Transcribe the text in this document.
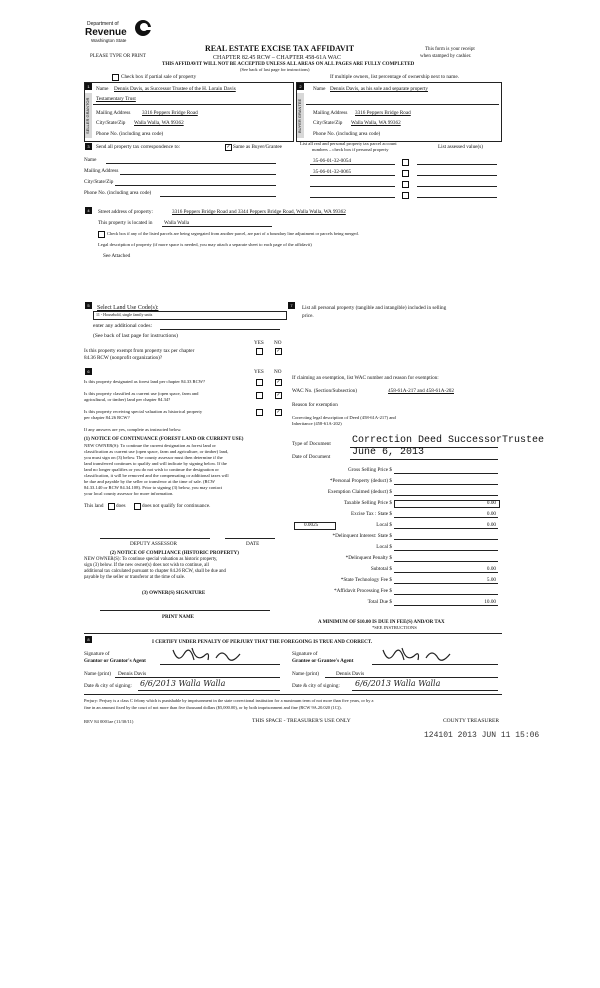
Department of
Revenue
Washington State
REAL ESTATE EXCISE TAX AFFIDAVIT
CHAPTER 82.45 RCW – CHAPTER 458-61A WAC
THIS AFFIDAVIT WILL NOT BE ACCEPTED UNLESS ALL AREAS ON ALL PAGES ARE FULLY COMPLETED
(See back of last page for instructions)
This form is your receipt
when stamped by cashier.
PLEASE TYPE OR PRINT
Check box if partial sale of property	If multiple owners, list percentage of ownership next to name.
1
SELLER GRANTOR
Name Dennis Davis, as Successor Trustee of the H. Lorain Davis
Testamentary Trust
Mailing Address 3316 Peppers Bridge Road
City/State/Zip Walla Walla, WA 99362
Phone No. (including area code)
2
BUYER GRANTEE
Name Dennis Davis, as his sole and separate property
Mailing Address 3316 Peppers Bridge Road
City/State/Zip Walla Walla, WA 99362
Phone No. (including area code)
3	Send all property tax correspondence to:	✓ Same as Buyer/Grantee
Name
Mailing Address
City/State/Zip
Phone No. (including area code)
List all real and personal property tax parcel account
numbers – check box if personal property	List assessed value(s)
35-06-01-32-0054
35-06-01-32-0065
4	Street address of property:	3316 Peppers Bridge Road and 3344 Peppers Bridge Road, Walla Walla, WA 99362
This property is located in Walla Walla
Check box if any of the listed parcels are being segregated from another parcel, are part of a boundary line adjustment or parcels being merged.
Legal description of property (if more space is needed, you may attach a separate sheet to each page of the affidavit)
See Attached
5	Select Land Use Code(s):
11 - Household, single family units
enter any additional codes:
(See back of last page for instructions)
YES NO
Is this property exempt from property tax per chapter
84.36 RCW (nonprofit organization)?
✓
6	YES NO
Is this property designated as forest land per chapter 84.33 RCW?	✓
Is this property classified as current use (open space, farm and
agricultural, or timber) land per chapter 84.34?
✓
Is this property receiving special valuation as historical property
per chapter 84.26 RCW?
✓
If any answers are yes, complete as instructed below.
(1) NOTICE OF CONTINUANCE (FOREST LAND OR CURRENT USE)
NEW OWNER(S): To continue the current designation as forest land or
classification as current use (open space, farm and agriculture, or timber) land,
you must sign on (3) below. The county assessor must then determine if the
land transferred continues to qualify and will indicate by signing below. If the
land no longer qualifies or you do not wish to continue the designation or
classification, it will be removed and the compensating or additional taxes will
be due and payable by the seller or transferor at the time of sale. (RCW
84.33.140 or RCW 84.34.108). Prior to signing (3) below, you may contact
your local county assessor for more information.
This land does	does not qualify for continuance.
DEPUTY ASSESSOR	DATE
(2) NOTICE OF COMPLIANCE (HISTORIC PROPERTY)
NEW OWNER(S): To continue special valuation as historic property,
sign (3) below. If the new owner(s) does not wish to continue, all
additional tax calculated pursuant to chapter 84.26 RCW, shall be due and
payable by the seller or transferor at the time of sale.
(3) OWNER(S) SIGNATURE
PRINT NAME
7	List all personal property (tangible and intangible) included in selling
price.
If claiming an exemption, list WAC number and reason for exemption:
WAC No. (Section/Subsection)	458-61A-217 and 458-61A-202
Reason for exemption
Correcting legal description of Deed (458-61A-217) and
Inheritance (458-61A-202)
Type of Document Correction Deed SuccessorTrustee
Date of Document June 6, 2013
Gross Selling Price $
*Personal Property (deduct) $
Exemption Claimed (deduct) $
Taxable Selling Price $	0.00
Excise Tax : State $	0.00
0.0025	Local $	0.00
*Delinquent Interest: State $
Local $
*Delinquent Penalty $
Subtotal $	0.00
*State Technology Fee $	5.00
*Affidavit Processing Fee $
Total Due $	10.00
A MINIMUM OF $10.00 IS DUE IN FEE(S) AND/OR TAX
*SEE INSTRUCTIONS
8
I CERTIFY UNDER PENALTY OF PERJURY THAT THE FOREGOING IS TRUE AND CORRECT.
Signature of
Grantor or Grantor's Agent
Signature of
Grantee or Grantee's Agent
Name (print) Dennis Davis	Name (print)	Dennis Davis
Date & city of signing: 6/6/2013 Walla Walla	Date & city of signing: 6/6/2013 Walla Walla
Perjury: Perjury is a class C felony which is punishable by imprisonment in the state correctional institution for a maximum term of not more than five years, or by a
fine in an amount fixed by the court of not more than five thousand dollars ($5,000.00), or by both imprisonment and fine (RCW 9A.20.020 (1C)).
REV 84 0001ae (11/30/11)	THIS SPACE - TREASURER'S USE ONLY	COUNTY TREASURER
124101 2013 JUN 11 15:06
